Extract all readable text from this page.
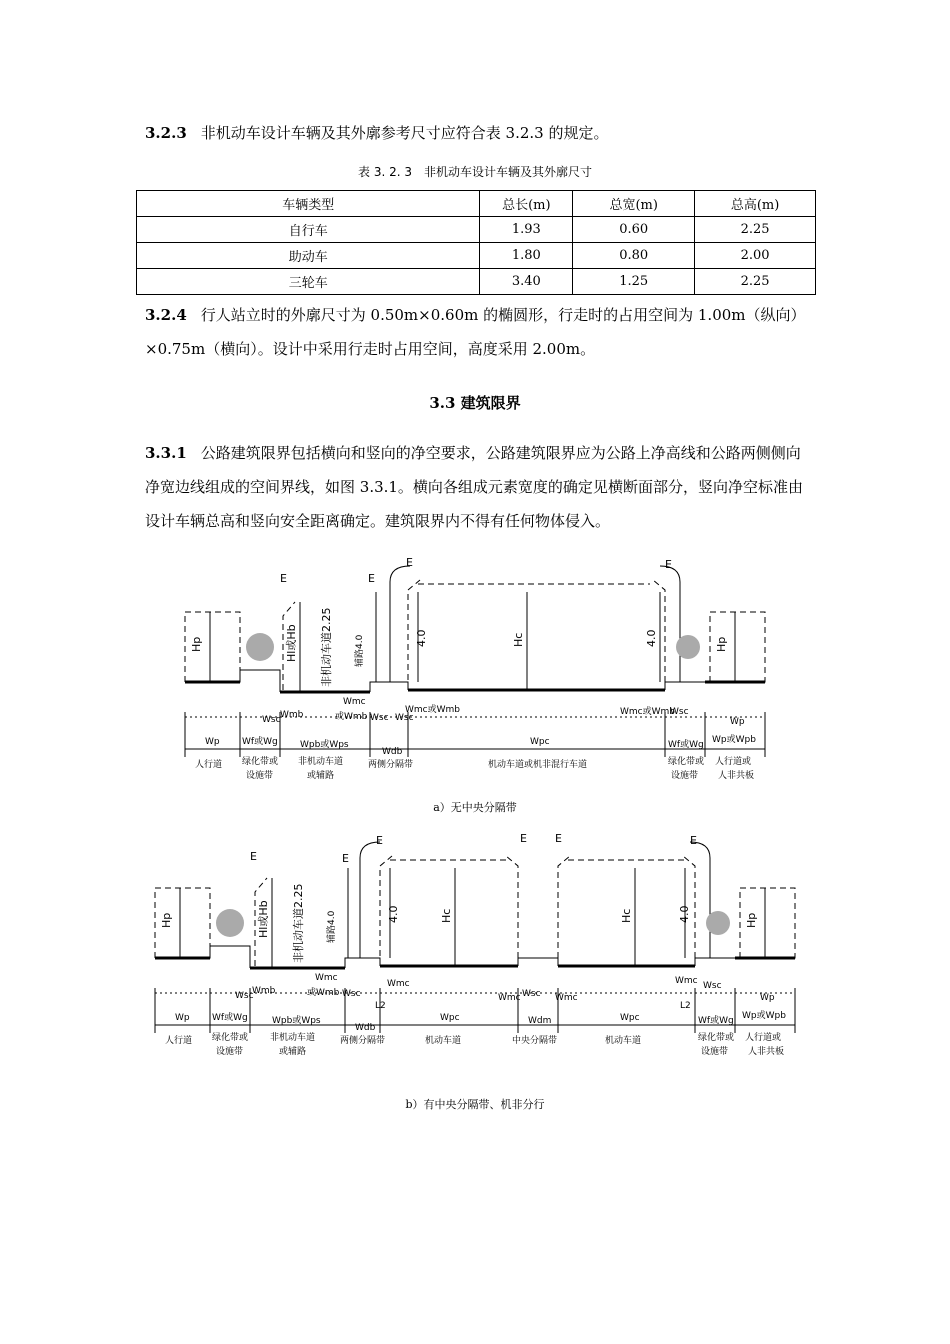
3.2.3 非机动车设计车辆及其外廓参考尺寸应符合表 3.2.3 的规定。

表 3. 2. 3　非机动车设计车辆及其外廓尺寸
车辆类型	总长(m)	总宽(m)	总高(m)
自行车	1.93	0.60	2.25
助动车	1.80	0.80	2.00
三轮车	3.40	1.25	2.25

3.2.4 行人站立时的外廓尺寸为 0.50m×0.60m 的椭圆形，行走时的占用空间为 1.00m（纵向）×0.75m（横向）。设计中采用行走时占用空间，高度采用 2.00m。

3.3 建筑限界

3.3.1 公路建筑限界包括横向和竖向的净空要求，公路建筑限界应为公路上净高线和公路两侧侧向净宽边线组成的空间界线，如图 3.3.1。横向各组成元素宽度的确定见横断面部分，竖向净空标准由设计车辆总高和竖向安全距离确定。建筑限界内不得有任何物体侵入。

E
E
E
E
Hp	Hp
Hl或Hb 非机动车道2.25 辅路4.0	4.0	4.0
Hc
Wsc Wmb
Wmc
或Wmb Wsc Wsc
Wmc或Wmb	Wmc或Wmb
Wsc
Wp Wf或Wg Wpb或Wps
Wdb
Wpc	Wf或Wg Wp或Wpb
Wp
人行道 绿化带或
设施带
非机动车道
或辅路
两侧分隔带	机动车道或机非混行车道	绿化带或
设施带
人行道或
人非共板
a）无中央分隔带
E	E
E	E	E	E
Hp	Hp
Hl或Hb 非机动车道2.25 辅路4.0	4.0	4.0
Hc	Hc
Wsc
Wmb
Wmc
或Wmb Wsc
Wmc
L2
Wmc Wsc Wmc
Wmc Wsc
L2
Wp Wf或Wg	Wpb或Wps
Wdb
Wpc	Wdm	Wpc	Wf或Wg Wp或Wpb
Wp
人行道 绿化带或
设施带
非机动车道
或辅路
两侧分隔带	机动车道	中央分隔带	机动车道	绿化带或
设施带
人行道或
人非共板
b）有中央分隔带、机非分行
